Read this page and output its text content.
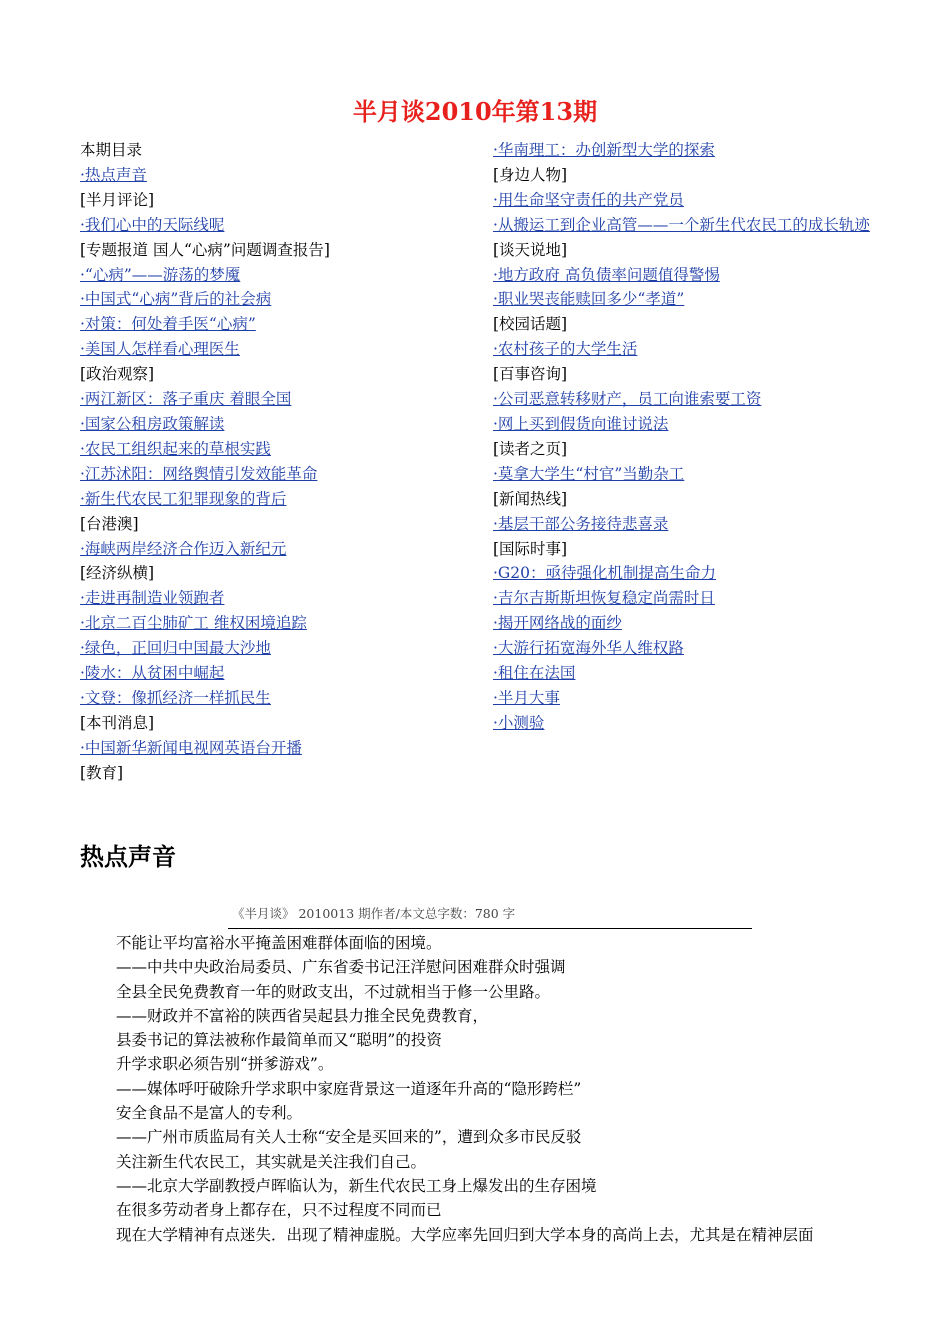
半月谈2010年第13期
本期目录
·热点声音
[半月评论]
·我们心中的天际线呢
[专题报道 国人“心病”问题调查报告]
·“心病”——游荡的梦魇
·中国式“心病”背后的社会病
·对策：何处着手医“心病”
·美国人怎样看心理医生
[政治观察]
·两江新区：落子重庆 着眼全国
·国家公租房政策解读
·农民工组织起来的草根实践
·江苏沭阳：网络舆情引发效能革命
·新生代农民工犯罪现象的背后
[台港澳]
·海峡两岸经济合作迈入新纪元
[经济纵横]
·走进再制造业领跑者
·北京二百尘肺矿工 维权困境追踪
·绿色，正回归中国最大沙地
·陵水：从贫困中崛起
·文登：像抓经济一样抓民生
[本刊消息]
·中国新华新闻电视网英语台开播
[教育]
·华南理工：办创新型大学的探索
[身边人物]
·用生命坚守责任的共产党员
·从搬运工到企业高管——一个新生代农民工的成长轨迹
[谈天说地]
·地方政府 高负债率问题值得警惕
·职业哭丧能赎回多少“孝道”
[校园话题]
·农村孩子的大学生活
[百事咨询]
·公司恶意转移财产，员工向谁索要工资
·网上买到假货向谁讨说法
[读者之页]
·莫拿大学生“村官”当勤杂工
[新闻热线]
·基层干部公务接待悲喜录
[国际时事]
·G20：亟待强化机制提高生命力
·吉尔吉斯斯坦恢复稳定尚需时日
·揭开网络战的面纱
·大游行拓宽海外华人维权路
·租住在法国
·半月大事
·小测验
热点声音
《半月谈》 2010013 期作者/本文总字数：780 字
不能让平均富裕水平掩盖困难群体面临的困境。
——中共中央政治局委员、广东省委书记汪洋慰问困难群众时强调
全县全民免费教育一年的财政支出，不过就相当于修一公里路。
——财政并不富裕的陕西省吴起县力推全民免费教育，
县委书记的算法被称作最简单而又“聪明”的投资
升学求职必须告别“拼爹游戏”。
——媒体呼吁破除升学求职中家庭背景这一道逐年升高的“隐形跨栏”
安全食品不是富人的专利。
——广州市质监局有关人士称“安全是买回来的”，遭到众多市民反驳
关注新生代农民工，其实就是关注我们自己。
——北京大学副教授卢晖临认为，新生代农民工身上爆发出的生存困境
在很多劳动者身上都存在，只不过程度不同而已
现在大学精神有点迷失．出现了精神虚脱。大学应率先回归到大学本身的高尚上去，尤其是在精神层面
